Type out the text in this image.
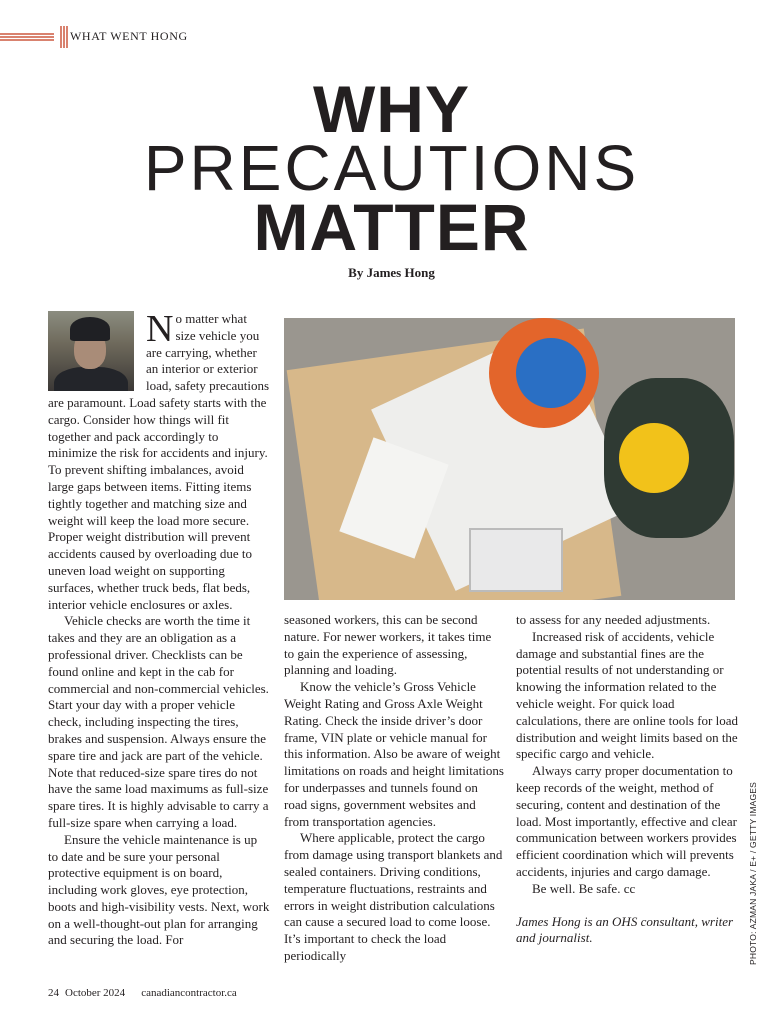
WHAT WENT HONG
WHY
PRECAUTIONS
MATTER
By James Hong

No matter what size vehicle you are carrying, whether an interior or exterior load, safety precautions are paramount. Load safety starts with the cargo. Consider how things will fit together and pack accordingly to minimize the risk for accidents and injury. To prevent shifting imbalances, avoid large gaps between items. Fitting items tightly together and matching size and weight will keep the load more secure. Proper weight distribution will prevent accidents caused by overloading due to uneven load weight on supporting surfaces, whether truck beds, flat beds, interior vehicle enclosures or axles.

Vehicle checks are worth the time it takes and they are an obligation as a professional driver. Checklists can be found online and kept in the cab for commercial and non-commercial vehicles. Start your day with a proper vehicle check, including inspecting the tires, brakes and suspension. Always ensure the spare tire and jack are part of the vehicle. Note that reduced-size spare tires do not have the same load maximums as full-size spare tires. It is highly advisable to carry a full-size spare when carrying a load.

Ensure the vehicle maintenance is up to date and be sure your personal protective equipment is on board, including work gloves, eye protection, boots and high-visibility vests. Next, work on a well-thought-out plan for arranging and securing the load. For

seasoned workers, this can be second nature. For newer workers, it takes time to gain the experience of assessing, planning and loading.

Know the vehicle’s Gross Vehicle Weight Rating and Gross Axle Weight Rating. Check the inside driver’s door frame, VIN plate or vehicle manual for this information. Also be aware of weight limitations on roads and height limitations for underpasses and tunnels found on road signs, government websites and from transportation agencies.

Where applicable, protect the cargo from damage using transport blankets and sealed containers. Driving conditions, temperature fluctuations, restraints and errors in weight distribution calculations can cause a secured load to come loose. It’s important to check the load periodically

to assess for any needed adjustments.

Increased risk of accidents, vehicle damage and substantial fines are the potential results of not understanding or knowing the information related to the vehicle weight. For quick load calculations, there are online tools for load distribution and weight limits based on the specific cargo and vehicle.

Always carry proper documentation to keep records of the weight, method of securing, content and destination of the load. Most importantly, effective and clear communication between workers provides efficient coordination which will prevents accidents, injuries and cargo damage.

Be well. Be safe. cc

James Hong is an OHS consultant, writer and journalist.	PHOTO: AZMAN JAKA / E+ / GETTY IMAGES
24 October 2024 canadiancontractor.ca
